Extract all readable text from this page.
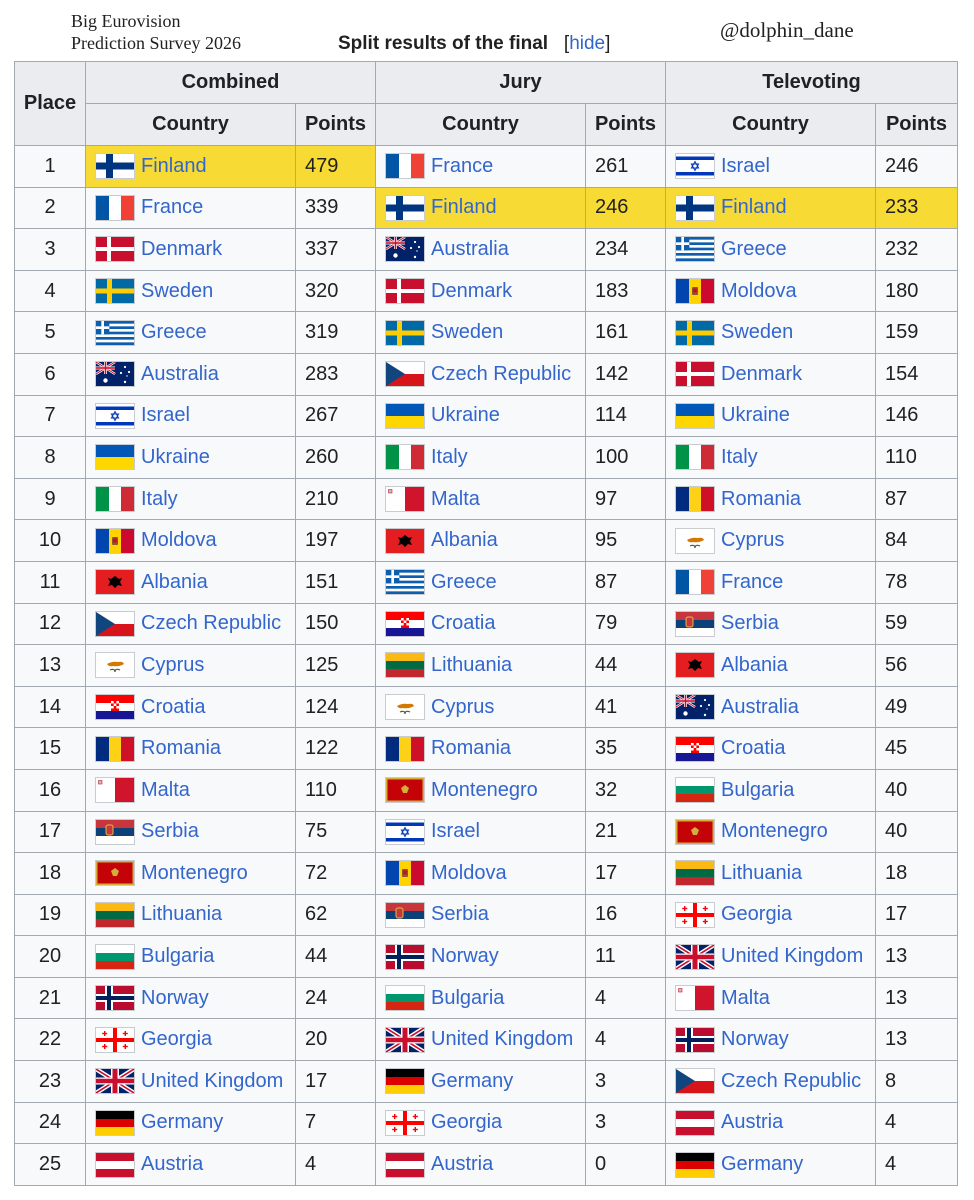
Big Eurovision
Prediction Survey 2026
@dolphin_dane
Split results of the final   [hide]
Place	Combined		Jury		Televoting	
	Country	Points	Country	Points	Country	Points
1	Finland	479	France	261	Israel	246
2	France	339	Finland	246	Finland	233
3	Denmark	337	Australia	234	Greece	232
4	Sweden	320	Denmark	183	Moldova	180
5	Greece	319	Sweden	161	Sweden	159
6	Australia	283	Czech Republic	142	Denmark	154
7	Israel	267	Ukraine	114	Ukraine	146
8	Ukraine	260	Italy	100	Italy	110
9	Italy	210	Malta	97	Romania	87
10	Moldova	197	Albania	95	Cyprus	84
11	Albania	151	Greece	87	France	78
12	Czech Republic	150	Croatia	79	Serbia	59
13	Cyprus	125	Lithuania	44	Albania	56
14	Croatia	124	Cyprus	41	Australia	49
15	Romania	122	Romania	35	Croatia	45
16	Malta	110	Montenegro	32	Bulgaria	40
17	Serbia	75	Israel	21	Montenegro	40
18	Montenegro	72	Moldova	17	Lithuania	18
19	Lithuania	62	Serbia	16	Georgia	17
20	Bulgaria	44	Norway	11	United Kingdom	13
21	Norway	24	Bulgaria	4	Malta	13
22	Georgia	20	United Kingdom	4	Norway	13
23	United Kingdom	17	Germany	3	Czech Republic	8
24	Germany	7	Georgia	3	Austria	4
25	Austria	4	Austria	0	Germany	4
